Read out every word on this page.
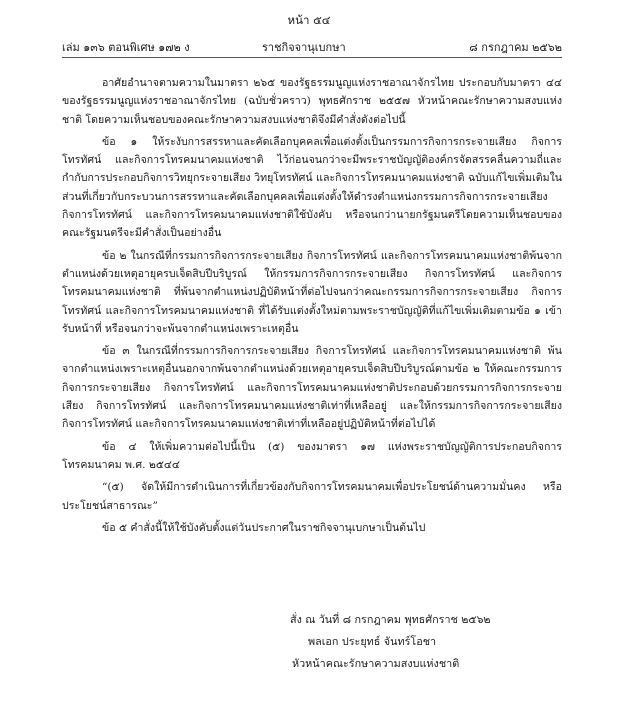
หน้า ๕๔
เล่ม ๑๓๖ ตอนพิเศษ ๑๗๒ ง	ราชกิจจานุเบกษา	๘ กรกฎาคม ๒๕๖๒

อาศัยอำนาจตามความในมาตรา ๒๖๕ ของรัฐธรรมนูญแห่งราชอาณาจักรไทย ประกอบกับมาตรา ๔๔ ของรัฐธรรมนูญแห่งราชอาณาจักรไทย (ฉบับชั่วคราว) พุทธศักราช ๒๕๕๗ หัวหน้าคณะรักษาความสงบแห่งชาติ โดยความเห็นชอบของคณะรักษาความสงบแห่งชาติจึงมีคำสั่งดังต่อไปนี้

ข้อ ๑ ให้ระงับการสรรหาและคัดเลือกบุคคลเพื่อแต่งตั้งเป็นกรรมการกิจการกระจายเสียง กิจการโทรทัศน์ และกิจการโทรคมนาคมแห่งชาติ ไว้ก่อนจนกว่าจะมีพระราชบัญญัติองค์กรจัดสรรคลื่นความถี่และกำกับการประกอบกิจการวิทยุกระจายเสียง วิทยุโทรทัศน์ และกิจการโทรคมนาคมแห่งชาติ ฉบับแก้ไขเพิ่มเติมในส่วนที่เกี่ยวกับกระบวนการสรรหาและคัดเลือกบุคคลเพื่อแต่งตั้งให้ดำรงตำแหน่งกรรมการกิจการกระจายเสียง กิจการโทรทัศน์ และกิจการโทรคมนาคมแห่งชาติใช้บังคับ หรือจนกว่านายกรัฐมนตรีโดยความเห็นชอบของคณะรัฐมนตรีจะมีคำสั่งเป็นอย่างอื่น

ข้อ ๒ ในกรณีที่กรรมการกิจการกระจายเสียง กิจการโทรทัศน์ และกิจการโทรคมนาคมแห่งชาติพ้นจากตำแหน่งด้วยเหตุอายุครบเจ็ดสิบปีบริบูรณ์ ให้กรรมการกิจการกระจายเสียง กิจการโทรทัศน์ และกิจการโทรคมนาคมแห่งชาติ ที่พ้นจากตำแหน่งปฏิบัติหน้าที่ต่อไปจนกว่าคณะกรรมการกิจการกระจายเสียง กิจการโทรทัศน์ และกิจการโทรคมนาคมแห่งชาติ ที่ได้รับแต่งตั้งใหม่ตามพระราชบัญญัติที่แก้ไขเพิ่มเติมตามข้อ ๑ เข้ารับหน้าที่ หรือจนกว่าจะพ้นจากตำแหน่งเพราะเหตุอื่น

ข้อ ๓ ในกรณีที่กรรมการกิจการกระจายเสียง กิจการโทรทัศน์ และกิจการโทรคมนาคมแห่งชาติ พ้นจากตำแหน่งเพราะเหตุอื่นนอกจากพ้นจากตำแหน่งด้วยเหตุอายุครบเจ็ดสิบปีบริบูรณ์ตามข้อ ๒ ให้คณะกรรมการกิจการกระจายเสียง กิจการโทรทัศน์ และกิจการโทรคมนาคมแห่งชาติประกอบด้วยกรรมการกิจการกระจายเสียง กิจการโทรทัศน์ และกิจการโทรคมนาคมแห่งชาติเท่าที่เหลืออยู่ และให้กรรมการกิจการกระจายเสียง กิจการโทรทัศน์ และกิจการโทรคมนาคมแห่งชาติเท่าที่เหลืออยู่ปฏิบัติหน้าที่ต่อไปได้

ข้อ ๔ ให้เพิ่มความต่อไปนี้เป็น (๕) ของมาตรา ๑๗ แห่งพระราชบัญญัติการประกอบกิจการโทรคมนาคม พ.ศ. ๒๕๔๔

“(๕) จัดให้มีการดำเนินการที่เกี่ยวข้องกับกิจการโทรคมนาคมเพื่อประโยชน์ด้านความมั่นคง หรือประโยชน์สาธารณะ”

ข้อ ๕ คำสั่งนี้ให้ใช้บังคับตั้งแต่วันประกาศในราชกิจจานุเบกษาเป็นต้นไป

สั่ง ณ วันที่ ๘ กรกฎาคม พุทธศักราช ๒๕๖๒
พลเอก ประยุทธ์ จันทร์โอชา
หัวหน้าคณะรักษาความสงบแห่งชาติ
